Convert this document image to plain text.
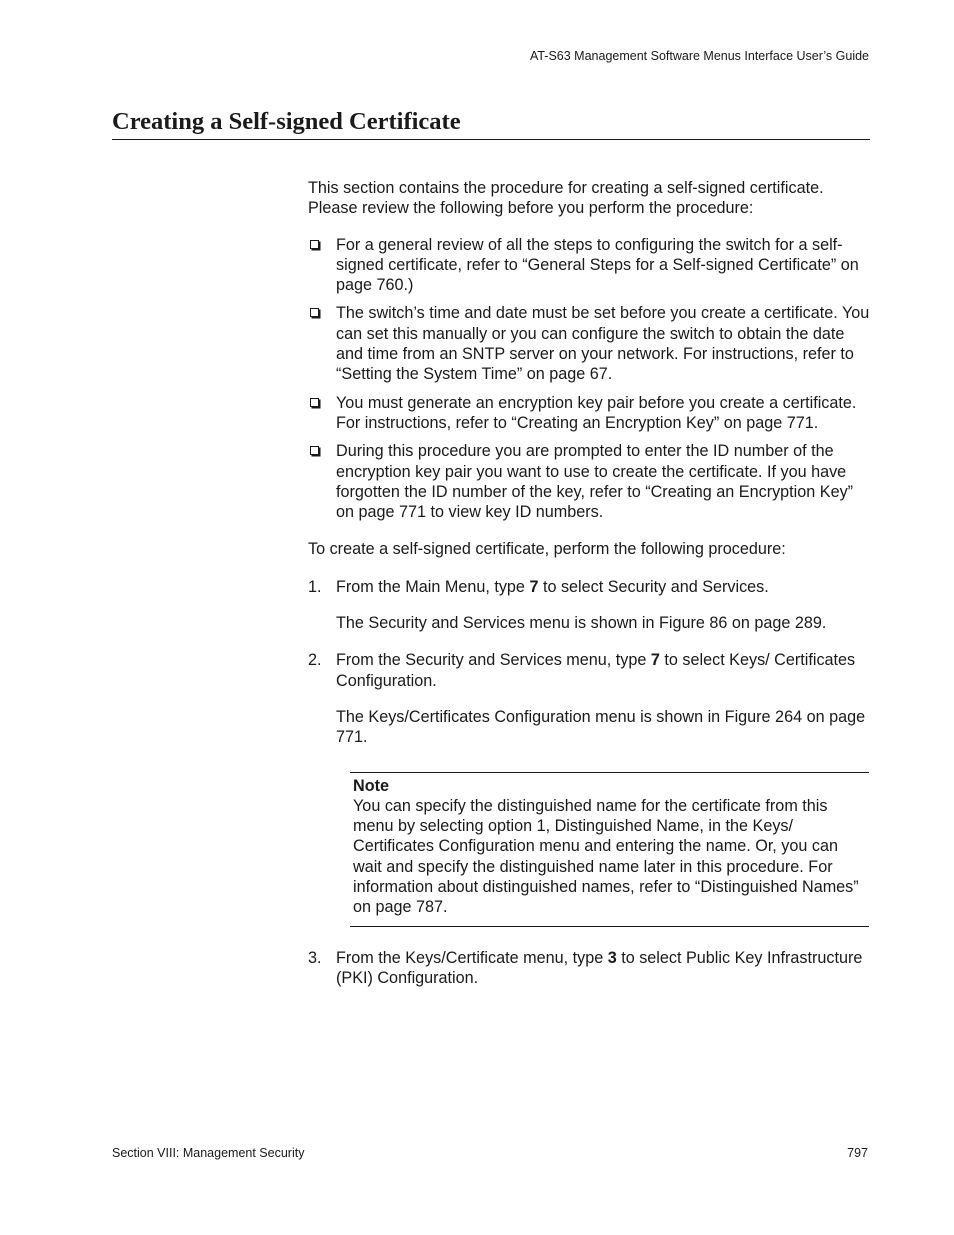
AT-S63 Management Software Menus Interface User’s Guide
Creating a Self-signed Certificate

This section contains the procedure for creating a self-signed certificate. Please review the following before you perform the procedure:

For a general review of all the steps to configuring the switch for a self-signed certificate, refer to “General Steps for a Self-signed Certificate” on page 760.)
The switch’s time and date must be set before you create a certificate. You can set this manually or you can configure the switch to obtain the date and time from an SNTP server on your network. For instructions, refer to “Setting the System Time” on page 67.
You must generate an encryption key pair before you create a certificate. For instructions, refer to “Creating an Encryption Key” on page 771.
During this procedure you are prompted to enter the ID number of the encryption key pair you want to use to create the certificate. If you have forgotten the ID number of the key, refer to “Creating an Encryption Key” on page 771 to view key ID numbers.

To create a self-signed certificate, perform the following procedure:

1. From the Main Menu, type 7 to select Security and Services.

The Security and Services menu is shown in Figure 86 on page 289.

2. From the Security and Services menu, type 7 to select Keys/ Certificates Configuration.

The Keys/Certificates Configuration menu is shown in Figure 264 on page 771.

Note
You can specify the distinguished name for the certificate from this menu by selecting option 1, Distinguished Name, in the Keys/ Certificates Configuration menu and entering the name. Or, you can wait and specify the distinguished name later in this procedure. For information about distinguished names, refer to “Distinguished Names” on page 787.
3. From the Keys/Certificate menu, type 3 to select Public Key Infrastructure (PKI) Configuration.
Section VIII: Management Security	797
